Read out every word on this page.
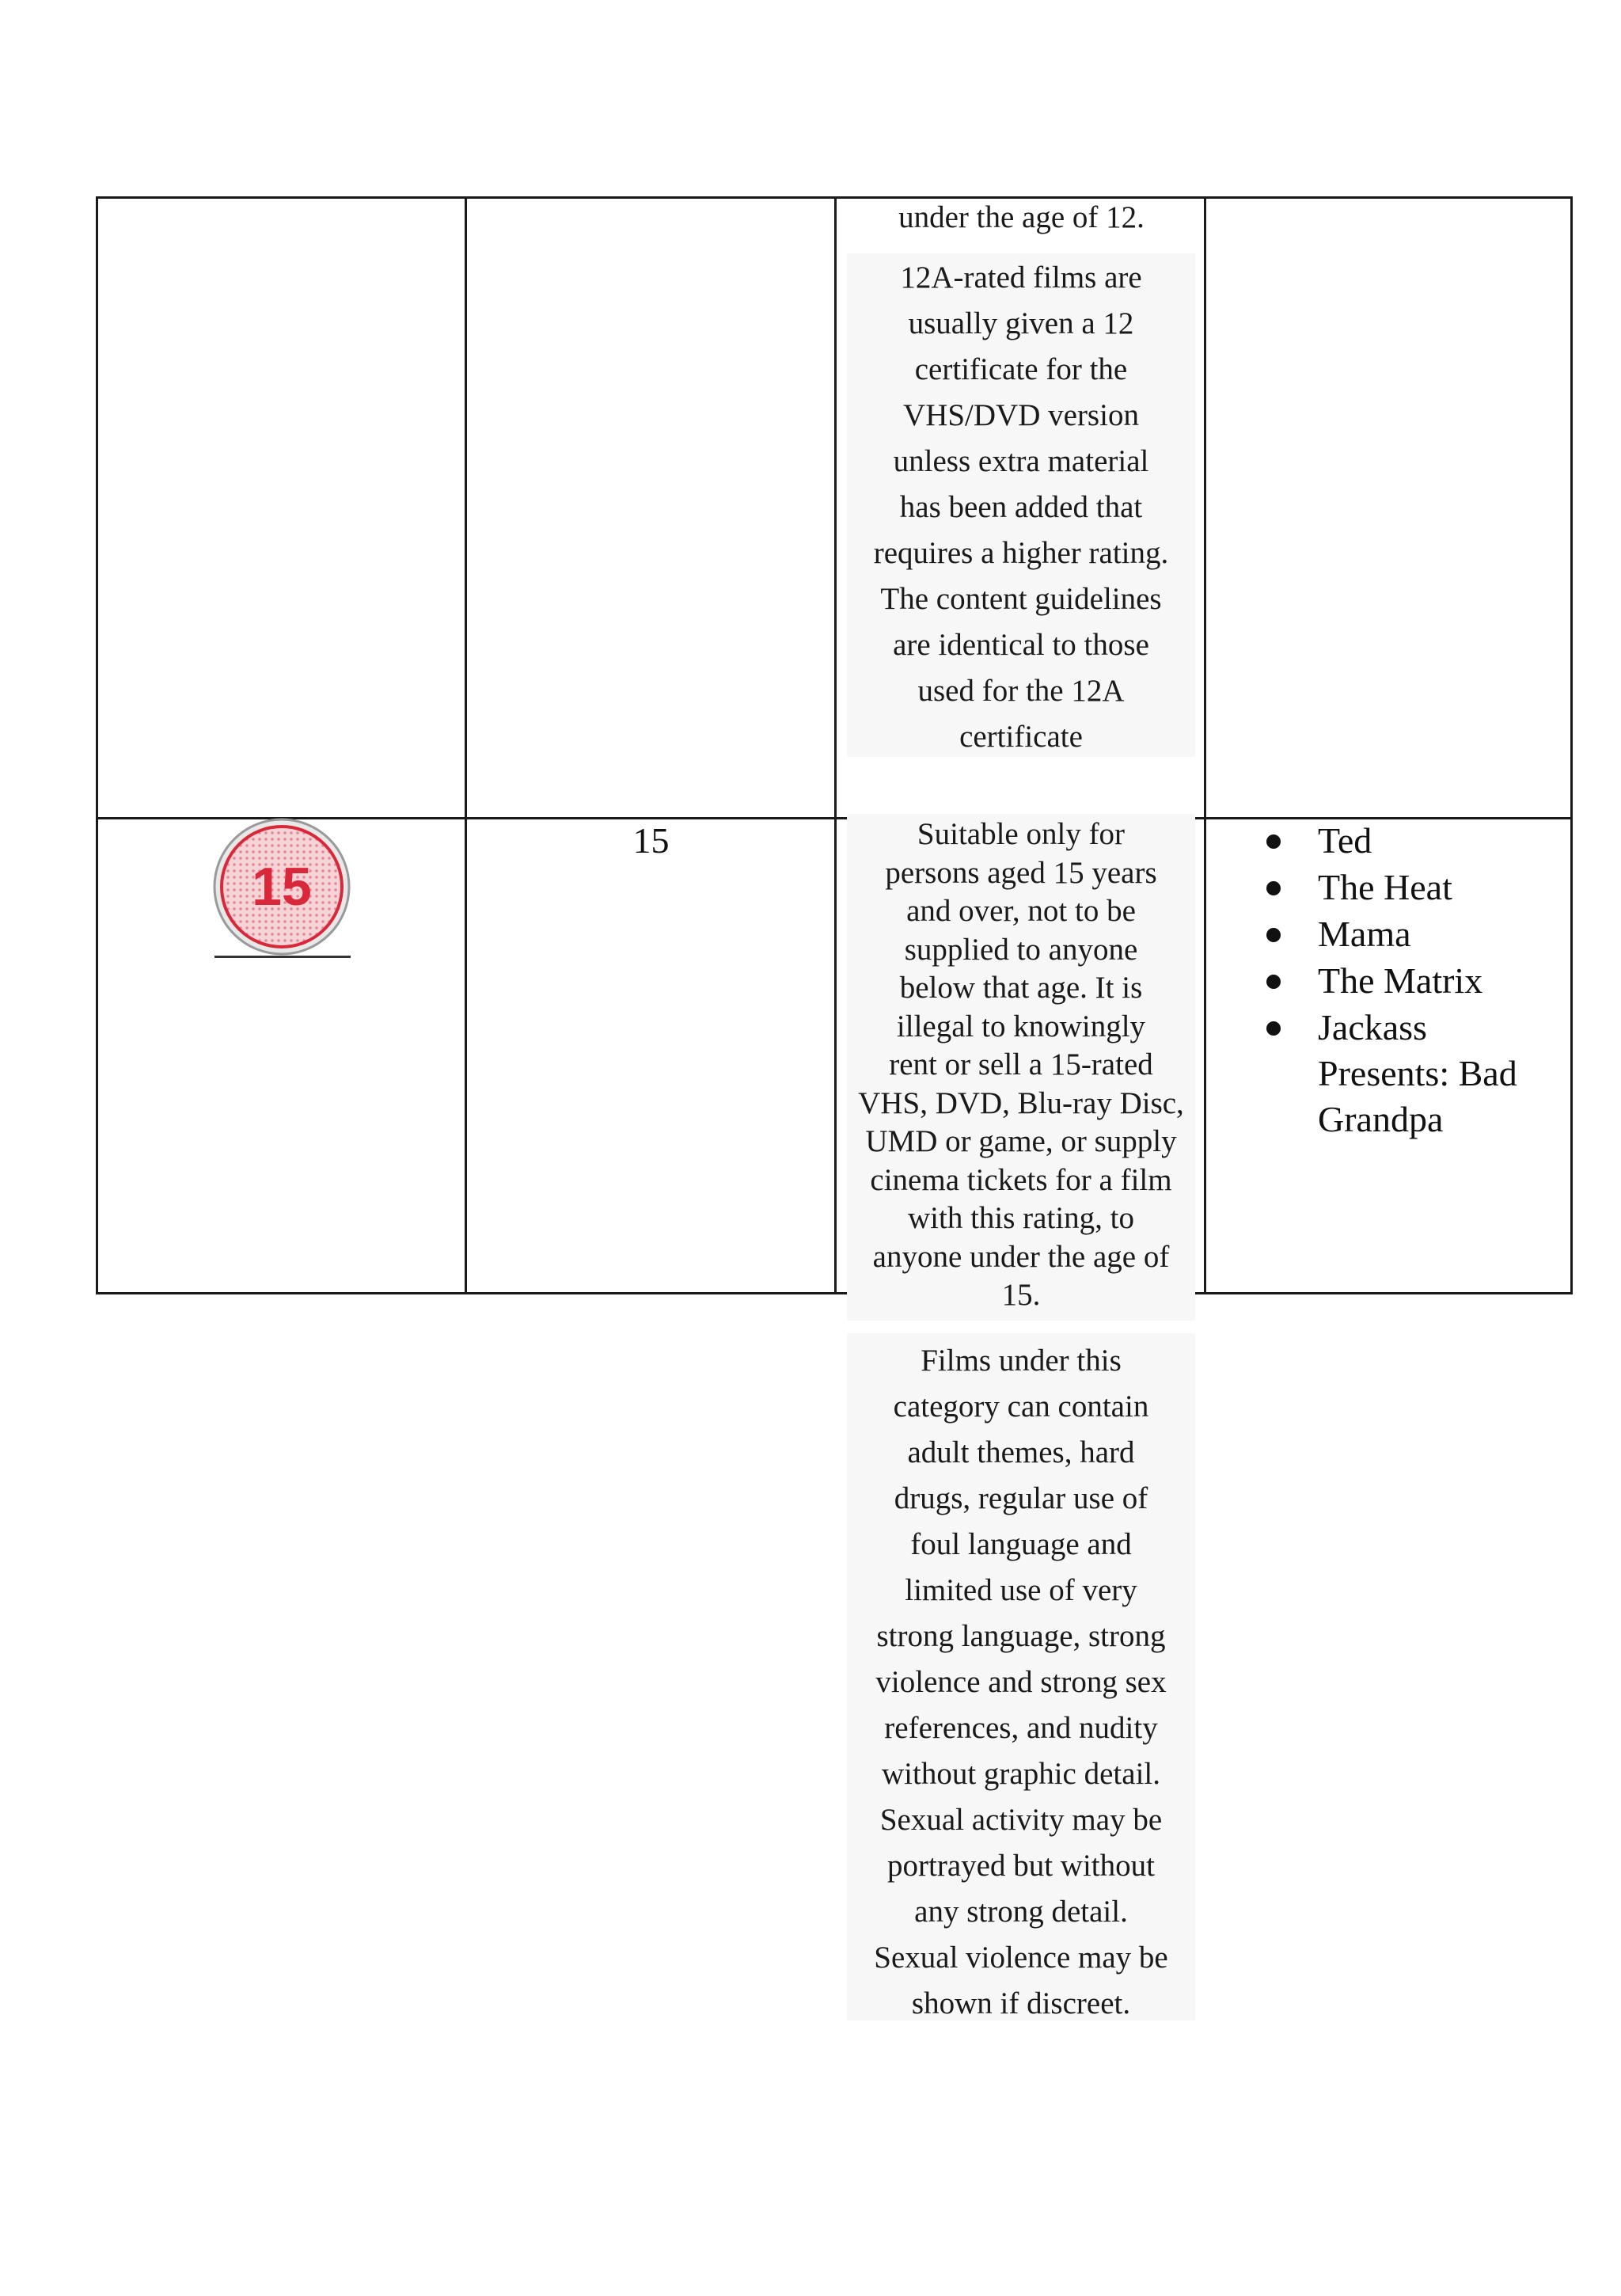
under the age of 12.
12A-rated films are
usually given a 12
certificate for the
VHS/DVD version
unless extra material
has been added that
requires a higher rating.
The content guidelines
are identical to those
used for the 12A
certificate
15
15	Suitable only for
persons aged 15 years
and over, not to be
supplied to anyone
below that age. It is
illegal to knowingly
rent or sell a 15-rated
VHS, DVD, Blu-ray Disc,
UMD or game, or supply
cinema tickets for a film
with this rating, to
anyone under the age of
15.
Films under this
category can contain
adult themes, hard
drugs, regular use of
foul language and
limited use of very
strong language, strong
violence and strong sex
references, and nudity
without graphic detail.
Sexual activity may be
portrayed but without
any strong detail.
Sexual violence may be
shown if discreet.
Ted
The Heat
Mama
The Matrix
Jackass
Presents: Bad
Grandpa
